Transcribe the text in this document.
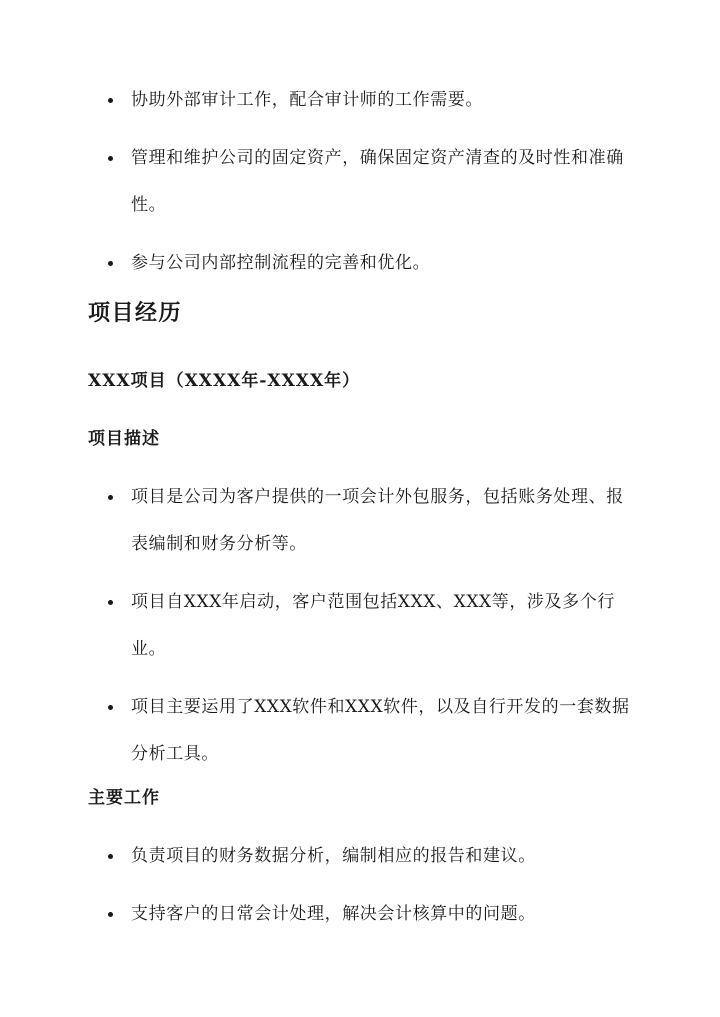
协助外部审计工作，配合审计师的工作需要。
管理和维护公司的固定资产，确保固定资产清查的及时性和准确性。
参与公司内部控制流程的完善和优化。
项目经历
XXX项目（XXXX年-XXXX年）
项目描述
项目是公司为客户提供的一项会计外包服务，包括账务处理、报表编制和财务分析等。
项目自XXX年启动，客户范围包括XXX、XXX等，涉及多个行业。
项目主要运用了XXX软件和XXX软件，以及自行开发的一套数据分析工具。
主要工作
负责项目的财务数据分析，编制相应的报告和建议。
支持客户的日常会计处理，解决会计核算中的问题。
